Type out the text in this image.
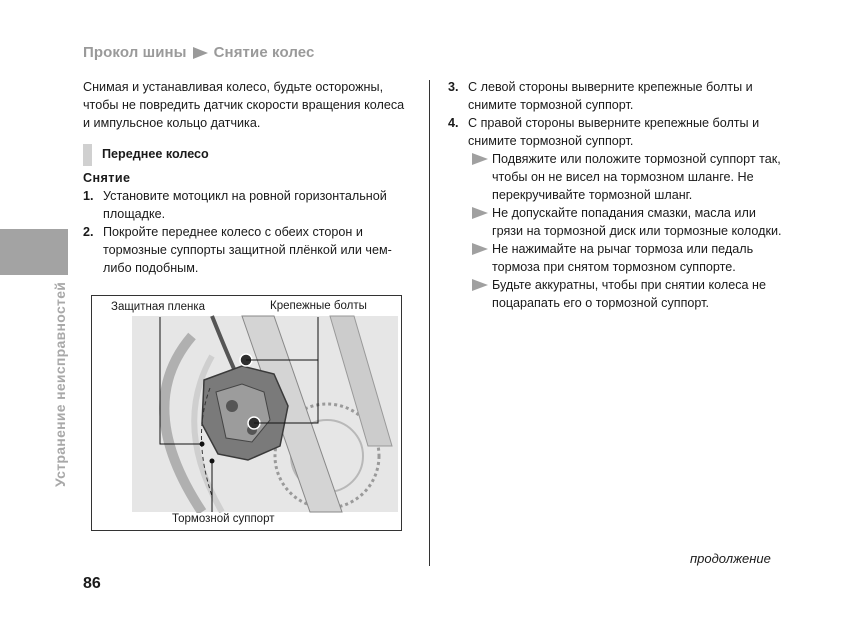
Прокол шины Снятие колес
Устранение неисправностей

Снимая и устанавливая колесо, будьте осторожны, чтобы не повредить датчик скорости вращения колеса и импульсное кольцо датчика.

Переднее колесо
Снятие
1. Установите мотоцикл на ровной горизонтальной площадке.
2. Покройте переднее колесо с обеих сторон и тормозные суппорты защитной плёнкой или чем-либо подобным.
Защитная пленка	Крепежные болты
Тормозной суппорт
3. С левой стороны выверните крепежные болты и снимите тормозной суппорт.
4. С правой стороны выверните крепежные болты и снимите тормозной суппорт.
Подвяжите или положите тормозной суппорт так, чтобы он не висел на тормозном шланге. Не перекручивайте тормозной шланг.
Не допускайте попадания смазки, масла или грязи на тормозной диск или тормозные колодки.
Не нажимайте на рычаг тормоза или педаль тормоза при снятом тормозном суппорте.
Будьте аккуратны, чтобы при снятии колеса не поцарапать его о тормозной суппорт.
продолжение
86
